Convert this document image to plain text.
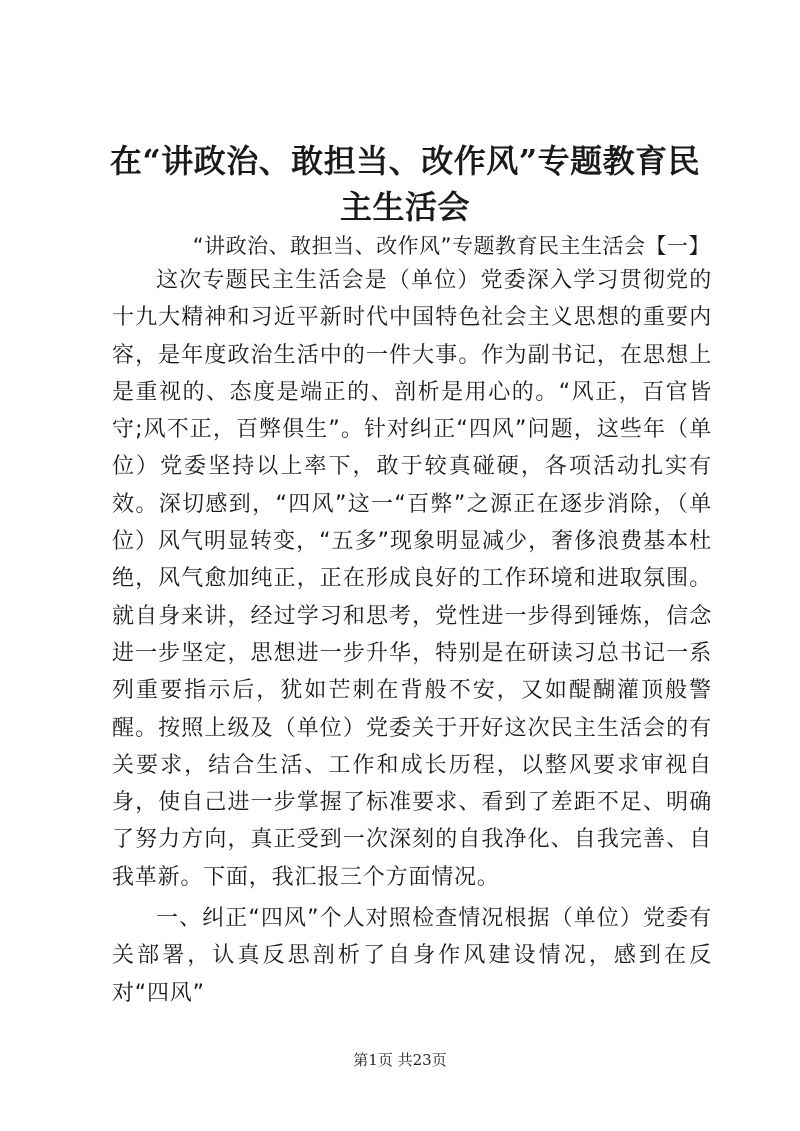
在“讲政治、敢担当、改作风”专题教育民主生活会

“讲政治、敢担当、改作风”专题教育民主生活会【一】

这次专题民主生活会是（单位）党委深入学习贯彻党的十九大精神和习近平新时代中国特色社会主义思想的重要内容，是年度政治生活中的一件大事。作为副书记，在思想上是重视的、态度是端正的、剖析是用心的。“风正，百官皆守;风不正，百弊俱生”。针对纠正“四风”问题，这些年（单位）党委坚持以上率下，敢于较真碰硬，各项活动扎实有效。深切感到，“四风”这一“百弊”之源正在逐步消除，（单位）风气明显转变，“五多”现象明显减少，奢侈浪费基本杜绝，风气愈加纯正，正在形成良好的工作环境和进取氛围。就自身来讲，经过学习和思考，党性进一步得到锤炼，信念进一步坚定，思想进一步升华，特别是在研读习总书记一系列重要指示后，犹如芒刺在背般不安，又如醍醐灌顶般警醒。按照上级及（单位）党委关于开好这次民主生活会的有关要求，结合生活、工作和成长历程，以整风要求审视自身，使自己进一步掌握了标准要求、看到了差距不足、明确了努力方向，真正受到一次深刻的自我净化、自我完善、自我革新。下面，我汇报三个方面情况。

一、纠正“四风”个人对照检查情况根据（单位）党委有关部署，认真反思剖析了自身作风建设情况，感到在反对“四风”

第1页 共23页
